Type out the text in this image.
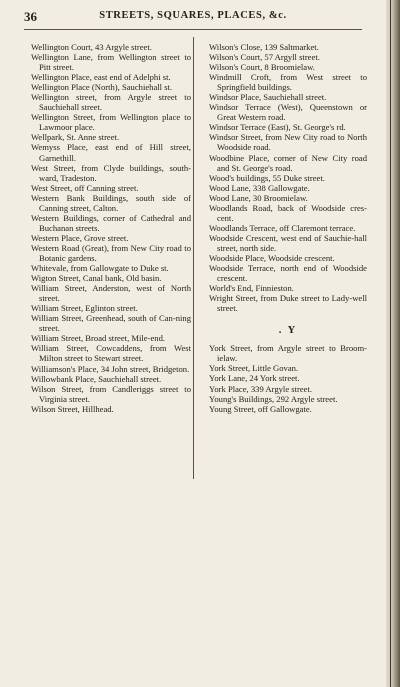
36	STREETS, SQUARES, PLACES, &c.

Wellington Court, 43 Argyle street.

Wellington Lane, from Wellington street to Pitt street.

Wellington Place, east end of Adelphi st.

Wellington Place (North), Sauchiehall st.

Wellington street, from Argyle street to Sauchiehall street.

Wellington Street, from Wellington place to Lawmoor place.

Wellpark, St. Anne street.

Wemyss Place, east end of Hill street, Garnethill.

West Street, from Clyde buildings, south-ward, Tradeston.

West Street, off Canning street.

Western Bank Buildings, south side of Canning street, Calton.

Western Buildings, corner of Cathedral and Buchanan streets.

Western Place, Grove street.

Western Road (Great), from New City road to Botanic gardens.

Whitevale, from Gallowgate to Duke st.

Wigton Street, Canal bank, Old basin.

William Street, Anderston, west of North street.

William Street, Eglinton street.

William Street, Greenhead, south of Can-ning street.

William Street, Broad street, Mile-end.

William Street, Cowcaddens, from West Milton street to Stewart street.

Williamson's Place, 34 John street, Bridgeton.

Willowbank Place, Sauchiehall street.

Wilson Street, from Candleriggs street to Virginia street.

Wilson Street, Hillhead.

Wilson's Close, 139 Saltmarket.

Wilson's Court, 57 Argyll street.

Wilson's Court, 8 Broomielaw.

Windmill Croft, from West street to Springfield buildings.

Windsor Place, Sauchiehall street.

Windsor Terrace (West), Queenstown or Great Western road.

Windsor Terrace (East), St. George's rd.

Windsor Street, from New City road to North Woodside road.

Woodbine Place, corner of New City road and St. George's road.

Wood's buildings, 55 Duke street.

Wood Lane, 338 Gallowgate.

Wood Lane, 30 Broomielaw.

Woodlands Road, back of Woodside cres-cent.

Woodlands Terrace, off Claremont terrace.

Woodside Crescent, west end of Sauchie-hall street, north side.

Woodside Place, Woodside crescent.

Woodside Terrace, north end of Woodside crescent.

World's End, Finnieston.

Wright Street, from Duke street to Lady-well street.

. Y

York Street, from Argyle street to Broom-ielaw.

York Street, Little Govan.

York Lane, 24 York street.

York Place, 339 Argyle street.

Young's Buildings, 292 Argyle street.

Young Street, off Gallowgate.
